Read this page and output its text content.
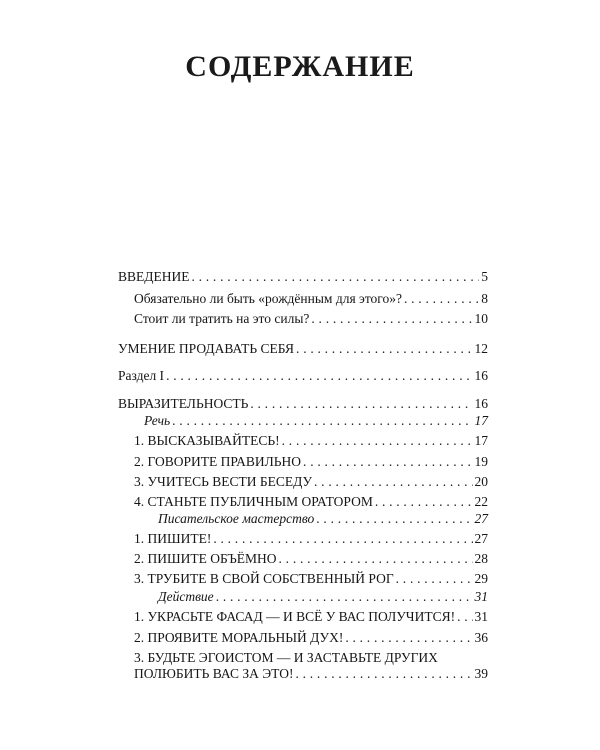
СОДЕРЖАНИЕ
ВВЕДЕНИЕ . . .	5
Обязательно ли быть «рождённым для этого»? . . .	8
Стоит ли тратить на это силы? . . .	10
УМЕНИЕ ПРОДАВАТЬ СЕБЯ . . .	12
Раздел I . . .	16
ВЫРАЗИТЕЛЬНОСТЬ . . .	16
Речь . . .	17
1. ВЫСКАЗЫВАЙТЕСЬ! . . .	17
2. ГОВОРИТЕ ПРАВИЛЬНО . . .	19
3. УЧИТЕСЬ ВЕСТИ БЕСЕДУ . . .	20
4. СТАНЬТЕ ПУБЛИЧНЫМ ОРАТОРОМ . . .	22
Писательское мастерство . . .	27
1. ПИШИТЕ! . . .	27
2. ПИШИТЕ ОБЪЁМНО . . .	28
3. ТРУБИТЕ В СВОЙ СОБСТВЕННЫЙ РОГ . . .	29
Действие . . .	31
1. УКРАСЬТЕ ФАСАД — И ВСЁ У ВАС ПОЛУЧИТСЯ! . . . 31
2. ПРОЯВИТЕ МОРАЛЬНЫЙ ДУХ! . . .	36
3. БУДЬТЕ ЭГОИСТОМ — И ЗАСТАВЬТЕ ДРУГИХ
ПОЛЮБИТЬ ВАС ЗА ЭТО! . . .	39
